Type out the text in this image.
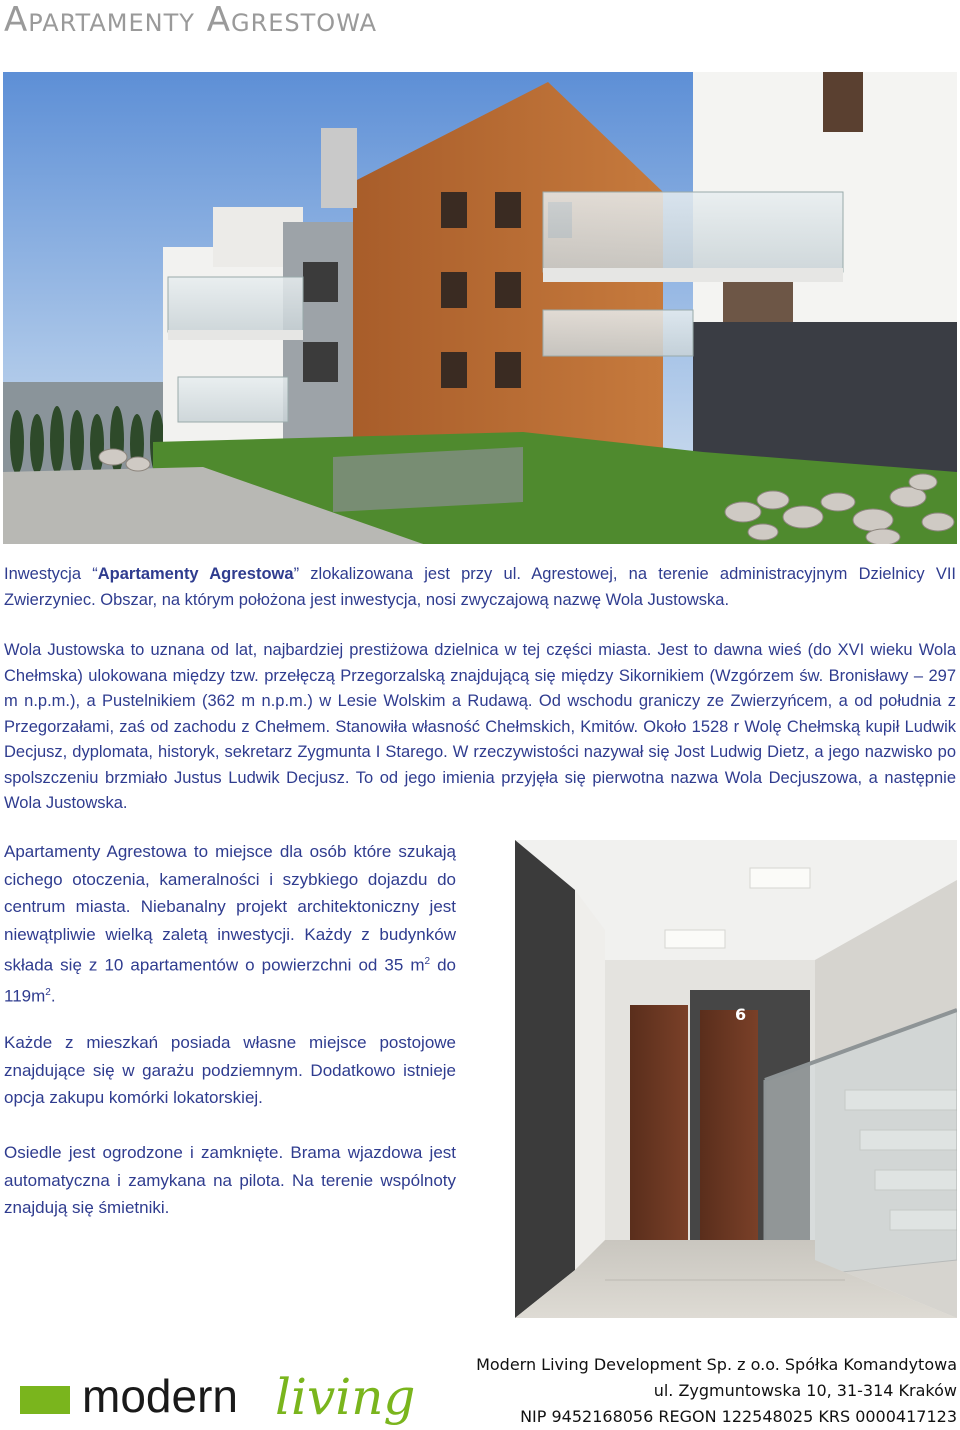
Apartamenty Agrestowa

Inwestycja “Apartamenty Agrestowa” zlokalizowana jest przy ul. Agrestowej, na terenie administracyjnym Dzielnicy VII Zwierzyniec. Obszar, na którym położona jest inwestycja, nosi zwyczajową nazwę Wola Justowska.

Wola Justowska to uznana od lat, najbardziej prestiżowa dzielnica w tej części miasta. Jest to dawna wieś (do XVI wieku Wola Chełmska) ulokowana między tzw. przełęczą Przegorzalską znajdującą się między Sikornikiem (Wzgórzem św. Bronisławy – 297 m n.p.m.), a Pustelnikiem (362 m n.p.m.) w Lesie Wolskim a Rudawą. Od wschodu graniczy ze Zwierzyńcem, a od południa z Przegorzałami, zaś od zachodu z Chełmem. Stanowiła własność Chełmskich, Kmitów. Około 1528 r Wolę Chełmską kupił Ludwik Decjusz, dyplomata, historyk, sekretarz Zygmunta I Starego. W rzeczywistości nazywał się Jost Ludwig Dietz, a jego nazwisko po spolszczeniu brzmiało Justus Ludwik Decjusz. To od jego imienia przyjęła się pierwotna nazwa Wola Decjuszowa, a następnie Wola Justowska.

Apartamenty Agrestowa to miejsce dla osób które szukają cichego otoczenia, kameralności i szybkiego dojazdu do centrum miasta. Niebanalny projekt architektoniczny jest niewątpliwie wielką zaletą inwestycji. Każdy z budynków składa się z 10 apartamentów o powierzchni od 35 $m^2$ do $119m^2$.

Każde z mieszkań posiada własne miejsce postojowe znajdujące się w garażu podziemnym. Dodatkowo istnieje opcja zakupu komórki lokatorskiej.

Osiedle jest ogrodzone i zamknięte. Brama wjazdowa jest automatyczna i zamykana na pilota. Na terenie wspólnoty znajdują się śmietniki.

6
modern living
Modern Living Development Sp. z o.o. Spółka Komandytowa
ul. Zygmuntowska 10, 31-314 Kraków
NIP 9452168056 REGON 122548025 KRS 0000417123
